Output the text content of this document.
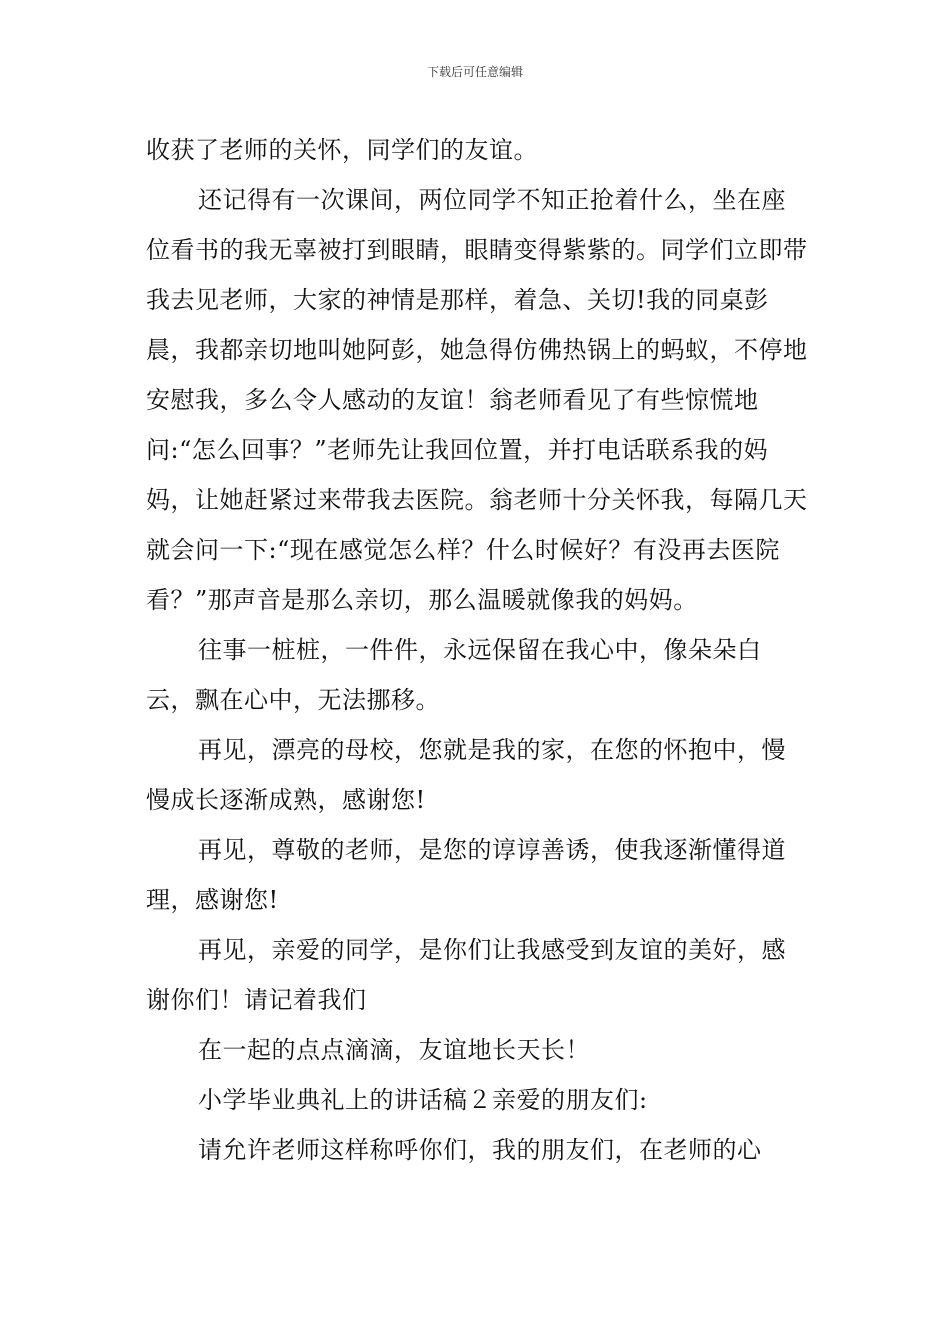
下载后可任意编辑

收获了老师的关怀，同学们的友谊。

还记得有一次课间，两位同学不知正抢着什么，坐在座位看书的我无辜被打到眼睛，眼睛变得紫紫的。同学们立即带我去见老师，大家的神情是那样，着急、关切!我的同桌彭晨，我都亲切地叫她阿彭，她急得仿佛热锅上的蚂蚁，不停地安慰我，多么令人感动的友谊！翁老师看见了有些惊慌地问:“怎么回事？”老师先让我回位置，并打电话联系我的妈妈，让她赶紧过来带我去医院。翁老师十分关怀我，每隔几天就会问一下:“现在感觉怎么样？什么时候好？有没再去医院看？”那声音是那么亲切，那么温暖就像我的妈妈。

往事一桩桩，一件件，永远保留在我心中，像朵朵白云，飘在心中，无法挪移。

再见，漂亮的母校，您就是我的家，在您的怀抱中，慢慢成长逐渐成熟，感谢您!

再见，尊敬的老师，是您的谆谆善诱，使我逐渐懂得道理，感谢您!

再见，亲爱的同学，是你们让我感受到友谊的美好，感谢你们！请记着我们

在一起的点点滴滴，友谊地长天长！

小学毕业典礼上的讲话稿２亲爱的朋友们:

请允许老师这样称呼你们，我的朋友们，在老师的心
